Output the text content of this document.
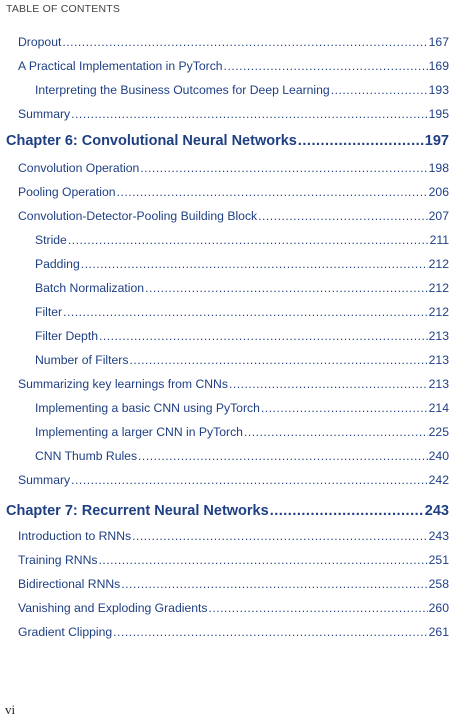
TABLE OF CONTENTS
Dropout .....	167
A Practical Implementation in PyTorch .....	169
Interpreting the Business Outcomes for Deep Learning .....	193
Summary .....	195
Chapter 6: Convolutional Neural Networks .....	197
Convolution Operation .....	198
Pooling Operation .....	206
Convolution-Detector-Pooling Building Block .....	207
Stride .....	211
Padding .....	212
Batch Normalization .....	212
Filter .....	212
Filter Depth .....	213
Number of Filters .....	213
Summarizing key learnings from CNNs .....	213
Implementing a basic CNN using PyTorch .....	214
Implementing a larger CNN in PyTorch .....	225
CNN Thumb Rules .....	240
Summary .....	242
Chapter 7: Recurrent Neural Networks .....	243
Introduction to RNNs .....	243
Training RNNs .....	251
Bidirectional RNNs .....	258
Vanishing and Exploding Gradients .....	260
Gradient Clipping .....	261
vi
